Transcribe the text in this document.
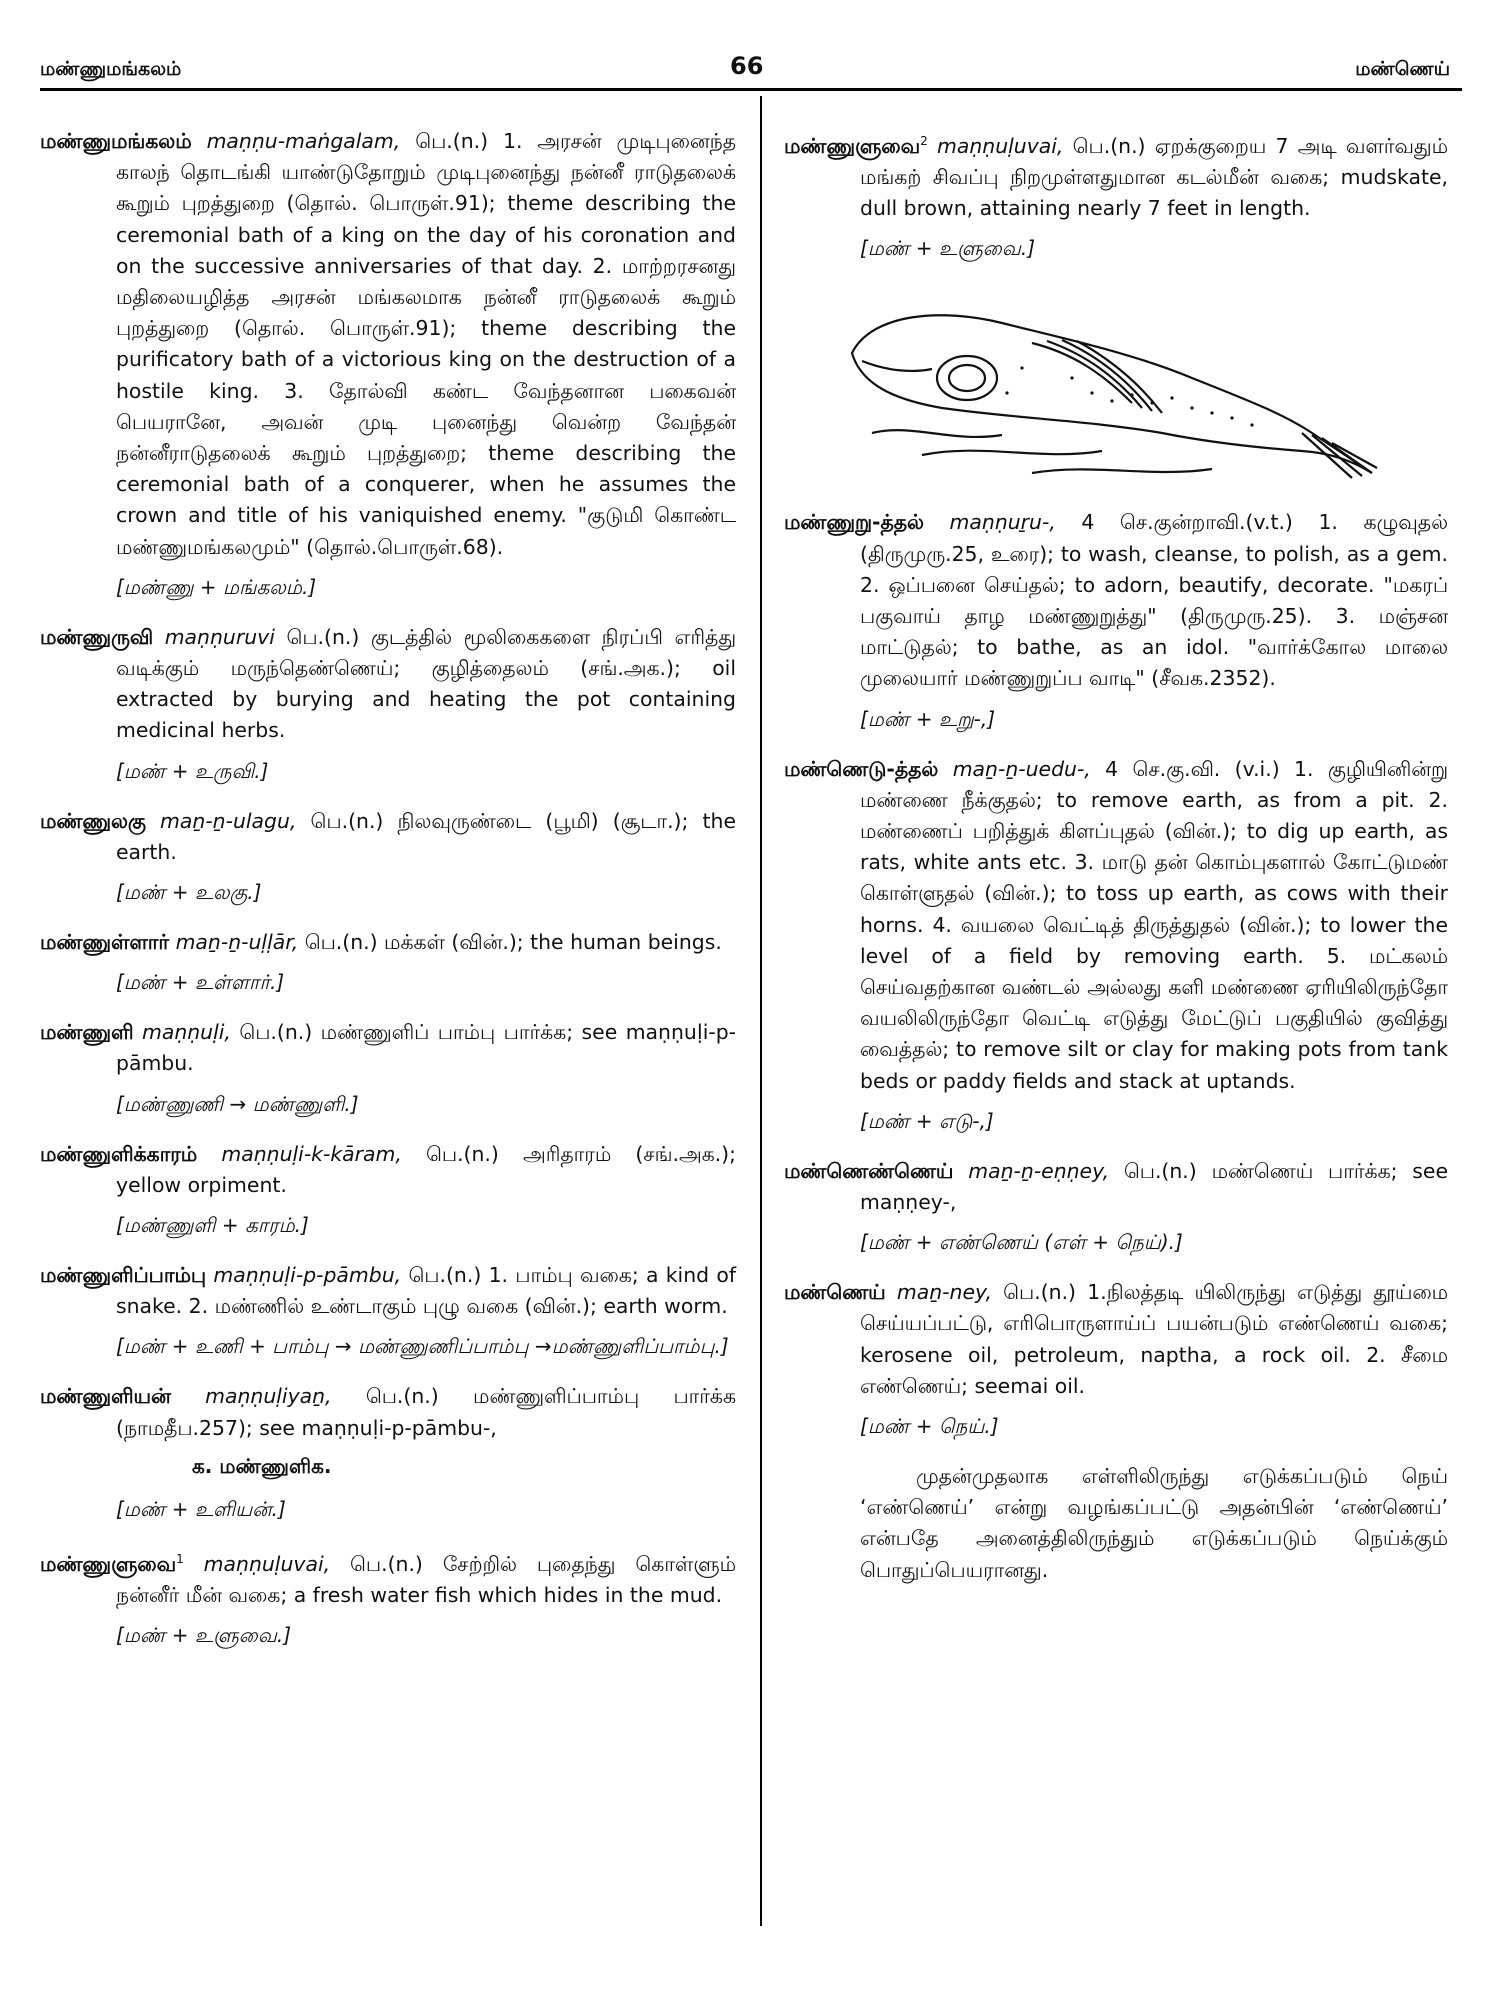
மண்ணுமங்கலம்	66	மண்ணெய்
மண்ணுமங்கலம் maṇṇu-maṅgalam, பெ.(n.) 1. அரசன் முடிபுனைந்த காலந் தொடங்கி யாண்டுதோறும் முடிபுனைந்து நன்னீ ராடுதலைக் கூறும் புறத்துறை (தொல். பொருள்.91); theme describing the ceremonial bath of a king on the day of his coronation and on the successive anniversaries of that day. 2. மாற்றரசனது மதிலையழித்த அரசன் மங்கலமாக நன்னீ ராடுதலைக் கூறும் புறத்துறை (தொல். பொருள்.91); theme describing the purificatory bath of a victorious king on the destruction of a hostile king. 3. தோல்வி கண்ட வேந்தனான பகைவன் பெயரானே, அவன் முடி புனைந்து வென்ற வேந்தன் நன்னீராடுதலைக் கூறும் புறத்துறை; theme describing the ceremonial bath of a conquerer, when he assumes the crown and title of his vaniquished enemy. "குடுமி கொண்ட மண்ணுமங்கலமும்" (தொல்.பொருள்.68).
[மண்ணு + மங்கலம்.]
மண்ணுருவி maṇṇuruvi பெ.(n.) குடத்தில் மூலிகைகளை நிரப்பி எரித்து வடிக்கும் மருந்தெண்ணெய்; குழித்தைலம் (சங்.அக.); oil extracted by burying and heating the pot containing medicinal herbs.
[மண் + உருவி.]
மண்ணுலகு maṉ-ṉ-ulagu, பெ.(n.) நிலவுருண்டை (பூமி) (சூடா.); the earth.
[மண் + உலகு.]
மண்ணுள்ளார் maṉ-ṉ-uḷḷār, பெ.(n.) மக்கள் (வின்.); the human beings.
[மண் + உள்ளார்.]
மண்ணுளி maṇṇuḷi, பெ.(n.) மண்ணுளிப் பாம்பு பார்க்க; see maṇṇuḷi-p-pāmbu.
[மண்ணுணி → மண்ணுளி.]
மண்ணுளிக்காரம் maṇṇuḷi-k-kāram, பெ.(n.) அரிதாரம் (சங்.அக.); yellow orpiment.
[மண்ணுளி + காரம்.]
மண்ணுளிப்பாம்பு maṇṇuḷi-p-pāmbu, பெ.(n.) 1. பாம்பு வகை; a kind of snake. 2. மண்ணில் உண்டாகும் புழு வகை (வின்.); earth worm.
[மண் + உணி + பாம்பு → மண்ணுணிப்பாம்பு →மண்ணுளிப்பாம்பு.]
மண்ணுளியன் maṇṇuḷiyaṉ, பெ.(n.) மண்ணுளிப்பாம்பு பார்க்க (நாமதீப.257); see maṇṇuḷi-p-pāmbu-,
க. மண்ணுளிக.
[மண் + உளியன்.]
மண்ணுளுவை$^1$ maṇṇuḷuvai, பெ.(n.) சேற்றில் புதைந்து கொள்ளும் நன்னீர் மீன் வகை; a fresh water fish which hides in the mud.
[மண் + உளுவை.]
மண்ணுளுவை$^2$ maṇṇuḷuvai, பெ.(n.) ஏறக்குறைய 7 அடி வளர்வதும் மங்கற் சிவப்பு நிறமுள்ளதுமான கடல்மீன் வகை; mudskate, dull brown, attaining nearly 7 feet in length.
[மண் + உளுவை.]
மண்ணுறு-த்தல் maṇṇuṟu-, 4 செ.குன்றாவி.(v.t.) 1. கழுவுதல் (திருமுரு.25, உரை); to wash, cleanse, to polish, as a gem. 2. ஒப்பனை செய்தல்; to adorn, beautify, decorate. "மகரப் பகுவாய் தாழ மண்ணுறுத்து" (திருமுரு.25). 3. மஞ்சன மாட்டுதல்; to bathe, as an idol. "வார்க்கோல மாலை முலையார் மண்ணுறுப்ப வாடி" (சீவக.2352).
[மண் + உறு-,]
மண்ணெடு-த்தல் maṉ-ṉ-uedu-, 4 செ.கு.வி. (v.i.) 1. குழியினின்று மண்ணை நீக்குதல்; to remove earth, as from a pit. 2. மண்ணைப் பறித்துக் கிளப்புதல் (வின்.); to dig up earth, as rats, white ants etc. 3. மாடு தன் கொம்புகளால் கோட்டுமண் கொள்ளுதல் (வின்.); to toss up earth, as cows with their horns. 4. வயலை வெட்டித் திருத்துதல் (வின்.); to lower the level of a field by removing earth. 5. மட்கலம் செய்வதற்கான வண்டல் அல்லது களி மண்ணை ஏரியிலிருந்தோ வயலிலிருந்தோ வெட்டி எடுத்து மேட்டுப் பகுதியில் குவித்து வைத்தல்; to remove silt or clay for making pots from tank beds or paddy fields and stack at uptands.
[மண் + எடு-,]
மண்ணெண்ணெய் maṉ-ṉ-eṇṇey, பெ.(n.) மண்ணெய் பார்க்க; see maṇṇey-,
[மண் + எண்ணெய் (எள் + நெய்).]
மண்ணெய் maṉ-ney, பெ.(n.) 1.நிலத்தடி யிலிருந்து எடுத்து தூய்மை செய்யப்பட்டு, எரிபொருளாய்ப் பயன்படும் எண்ணெய் வகை; kerosene oil, petroleum, naptha, a rock oil. 2. சீமை எண்ணெய்; seemai oil.
[மண் + நெய்.]
முதன்முதலாக எள்ளிலிருந்து எடுக்கப்படும் நெய் ‘எண்ணெய்’ என்று வழங்கப்பட்டு அதன்பின் ‘எண்ணெய்’ என்பதே அனைத்திலிருந்தும் எடுக்கப்படும் நெய்க்கும் பொதுப்பெயரானது.
